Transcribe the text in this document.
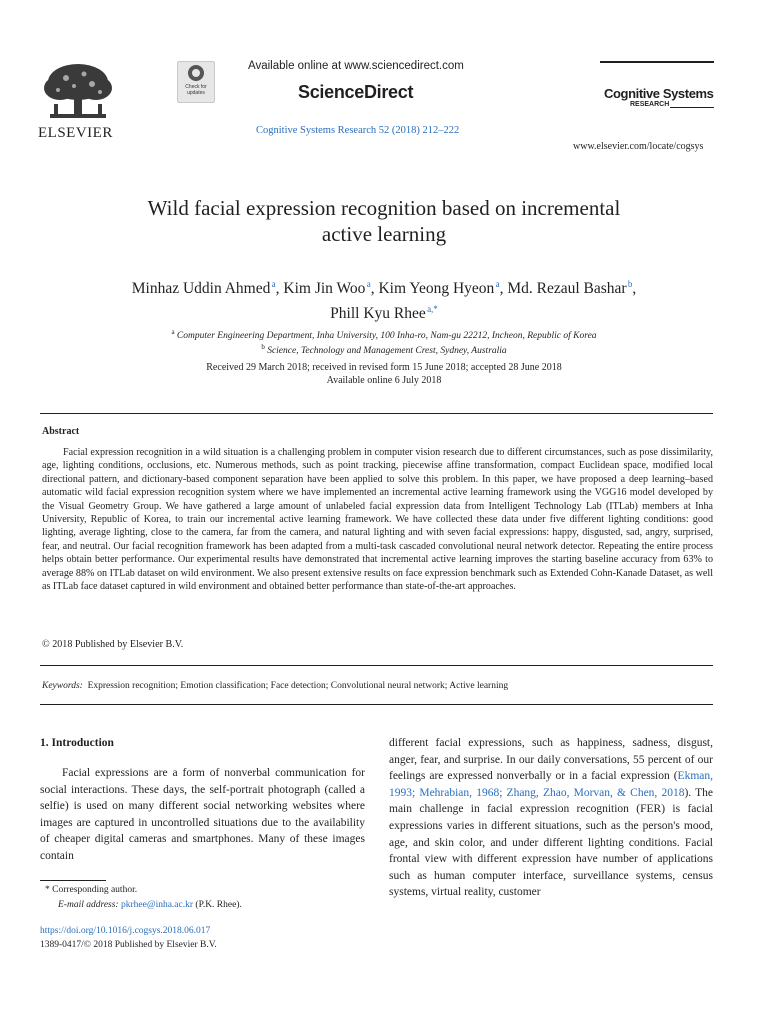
ELSEVIER
Check for updates
Available online at www.sciencedirect.com
ScienceDirect
Cognitive Systems Research 52 (2018) 212–222
Cognitive Systems
RESEARCH
www.elsevier.com/locate/cogsys
Wild facial expression recognition based on incremental
active learning
Minhaz Uddin Ahmed $^a$, Kim Jin Woo $^a$, Kim Yeong Hyeon $^a$, Md. Rezaul Bashar $^b$,
Phill Kyu Rhee $^{a,*}$
$^a$ Computer Engineering Department, Inha University, 100 Inha-ro, Nam-gu 22212, Incheon, Republic of Korea
$^b$ Science, Technology and Management Crest, Sydney, Australia
Received 29 March 2018; received in revised form 15 June 2018; accepted 28 June 2018
Available online 6 July 2018
Abstract

Facial expression recognition in a wild situation is a challenging problem in computer vision research due to different circumstances, such as pose dissimilarity, age, lighting conditions, occlusions, etc. Numerous methods, such as point tracking, piecewise affine transformation, compact Euclidean space, modified local directional pattern, and dictionary-based component separation have been applied to solve this problem. In this paper, we have proposed a deep learning–based automatic wild facial expression recognition system where we have implemented an incremental active learning framework using the VGG16 model developed by the Visual Geometry Group. We have gathered a large amount of unlabeled facial expression data from Intelligent Technology Lab (ITLab) members at Inha University, Republic of Korea, to train our incremental active learning framework. We have collected these data under five different lighting conditions: good lighting, average lighting, close to the camera, far from the camera, and natural lighting and with seven facial expressions: happy, disgusted, sad, angry, surprised, fear, and neutral. Our facial recognition framework has been adapted from a multi-task cascaded convolutional neural network detector. Repeating the entire process helps obtain better performance. Our experimental results have demonstrated that incremental active learning improves the starting baseline accuracy from 63% to average 88% on ITLab dataset on wild environment. We also present extensive results on face expression benchmark such as Extended Cohn-Kanade Dataset, as well as ITLab face dataset captured in wild environment and obtained better performance than state-of-the-art approaches.

© 2018 Published by Elsevier B.V.
Keywords: Expression recognition; Emotion classification; Face detection; Convolutional neural network; Active learning
1. Introduction

Facial expressions are a form of nonverbal communication for social interactions. These days, the self-portrait photograph (called a selfie) is used on many different social networking websites where images are captured in uncontrolled situations due to the availability of cheaper digital cameras and smartphones. Many of these images contain

different facial expressions, such as happiness, sadness, disgust, anger, fear, and surprise. In our daily conversations, 55 percent of our feelings are expressed nonverbally or in a facial expression (Ekman, 1993; Mehrabian, 1968; Zhang, Zhao, Morvan, & Chen, 2018). The main challenge in facial expression recognition (FER) is facial expressions varies in different situations, such as the person's mood, age, and skin color, and under different lighting conditions. Facial frontal view with different expression have number of applications such as human computer interface, surveillance systems, census systems, virtual reality, customer

* Corresponding author.
E-mail address: pkrhee@inha.ac.kr (P.K. Rhee).
https://doi.org/10.1016/j.cogsys.2018.06.017
1389-0417/© 2018 Published by Elsevier B.V.
